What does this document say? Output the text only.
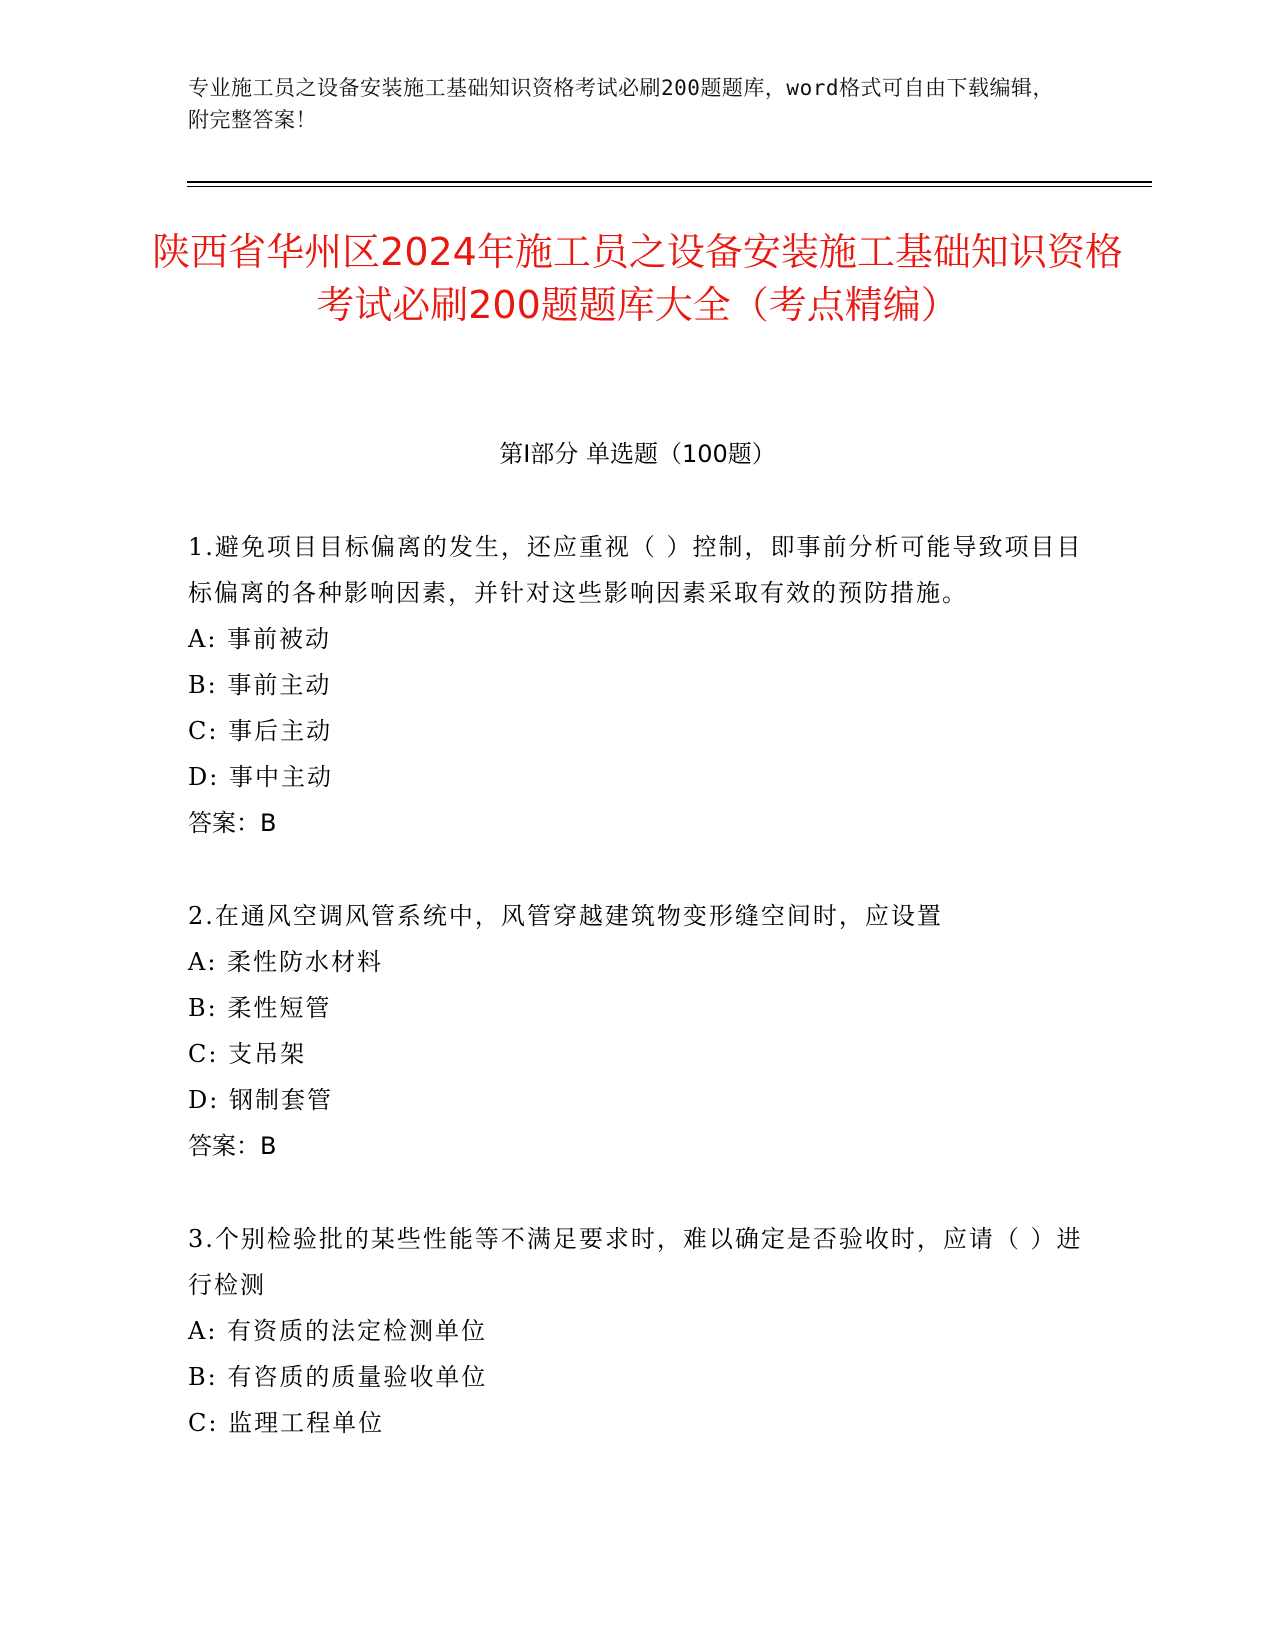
专业施工员之设备安装施工基础知识资格考试必刷200题题库，word格式可自由下载编辑，附完整答案！
陕西省华州区2024年施工员之设备安装施工基础知识资格考试必刷200题题库大全（考点精编）
第Ⅰ部分 单选题（100题）

1.避免项目目标偏离的发生，还应重视（ ）控制，即事前分析可能导致项目目标偏离的各种影响因素，并针对这些影响因素采取有效的预防措施。

A: 事前被动

B: 事前主动

C: 事后主动

D: 事中主动

答案：B

2.在通风空调风管系统中，风管穿越建筑物变形缝空间时，应设置

A: 柔性防水材料

B: 柔性短管

C: 支吊架

D: 钢制套管

答案：B

3.个别检验批的某些性能等不满足要求时，难以确定是否验收时，应请（ ）进行检测

A: 有资质的法定检测单位

B: 有咨质的质量验收单位

C: 监理工程单位
